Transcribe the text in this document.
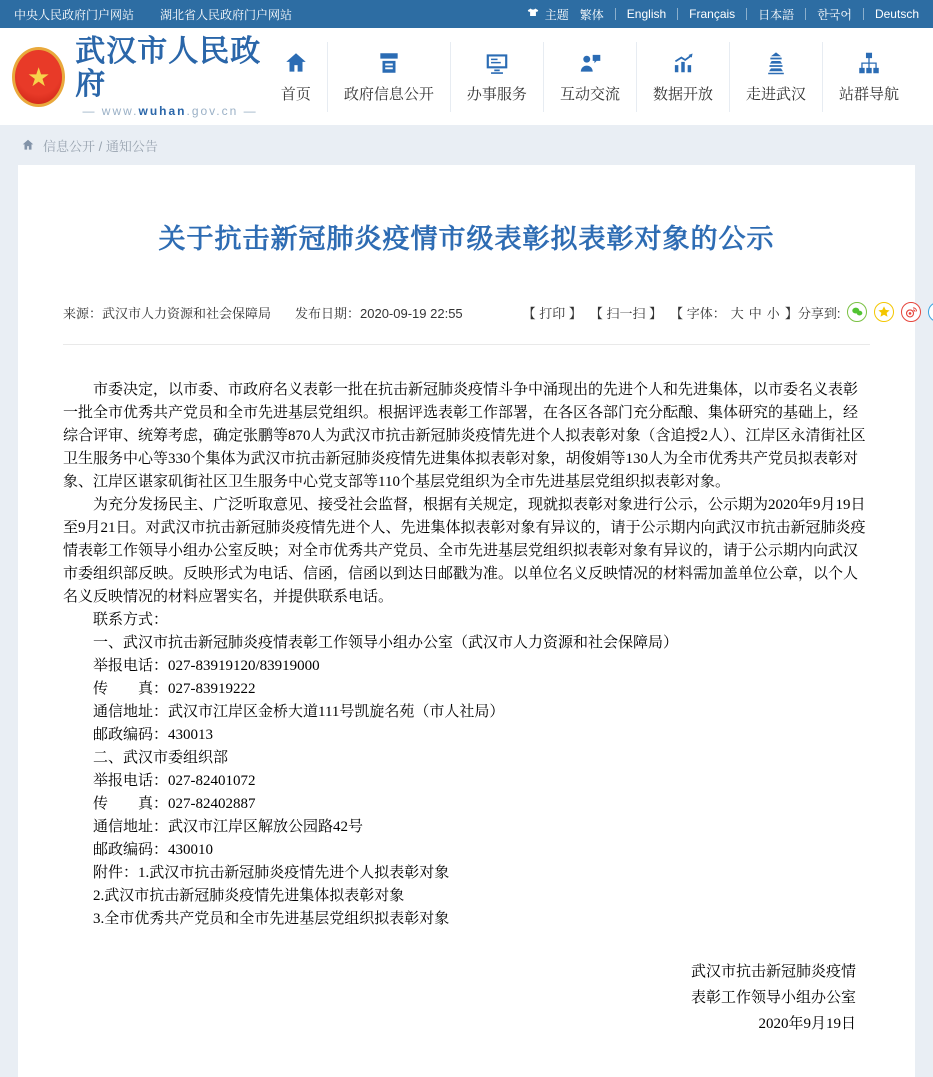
中央人民政府门户网站 湖北省人民政府门户网站	主题 繁体 English Français 日本語 한국어 Deutsch
★
武汉市人民政府
— www.wuhan.gov.cn —
首页 政府信息公开 办事服务 互动交流 数据开放 走进武汉 站群导航
信息公开 / 通知公告
关于抗击新冠肺炎疫情市级表彰拟表彰对象的公示
来源：武汉市人力资源和社会保障局 发布日期：2020-09-19 22:55	【 打印 】 【 扫一扫 】 【 字体： 大 中 小 】 分享到:

市委决定，以市委、市政府名义表彰一批在抗击新冠肺炎疫情斗争中涌现出的先进个人和先进集体，以市委名义表彰一批全市优秀共产党员和全市先进基层党组织。根据评选表彰工作部署，在各区各部门充分酝酿、集体研究的基础上，经综合评审、统筹考虑，确定张鹏等870人为武汉市抗击新冠肺炎疫情先进个人拟表彰对象（含追授2人）、江岸区永清街社区卫生服务中心等330个集体为武汉市抗击新冠肺炎疫情先进集体拟表彰对象，胡俊娟等130人为全市优秀共产党员拟表彰对象、江岸区谌家矶街社区卫生服务中心党支部等110个基层党组织为全市先进基层党组织拟表彰对象。

为充分发扬民主、广泛听取意见、接受社会监督，根据有关规定，现就拟表彰对象进行公示，公示期为2020年9月19日至9月21日。对武汉市抗击新冠肺炎疫情先进个人、先进集体拟表彰对象有异议的，请于公示期内向武汉市抗击新冠肺炎疫情表彰工作领导小组办公室反映；对全市优秀共产党员、全市先进基层党组织拟表彰对象有异议的，请于公示期内向武汉市委组织部反映。反映形式为电话、信函，信函以到达日邮戳为准。以单位名义反映情况的材料需加盖单位公章，以个人名义反映情况的材料应署实名，并提供联系电话。

联系方式：

一、武汉市抗击新冠肺炎疫情表彰工作领导小组办公室（武汉市人力资源和社会保障局）

举报电话：027-83919120/83919000

传　　真：027-83919222

通信地址：武汉市江岸区金桥大道111号凯旋名苑（市人社局）

邮政编码：430013

二、武汉市委组织部

举报电话：027-82401072

传　　真：027-82402887

通信地址：武汉市江岸区解放公园路42号

邮政编码：430010

附件：1.武汉市抗击新冠肺炎疫情先进个人拟表彰对象

2.武汉市抗击新冠肺炎疫情先进集体拟表彰对象

3.全市优秀共产党员和全市先进基层党组织拟表彰对象

武汉市抗击新冠肺炎疫情
表彰工作领导小组办公室
2020年9月19日
